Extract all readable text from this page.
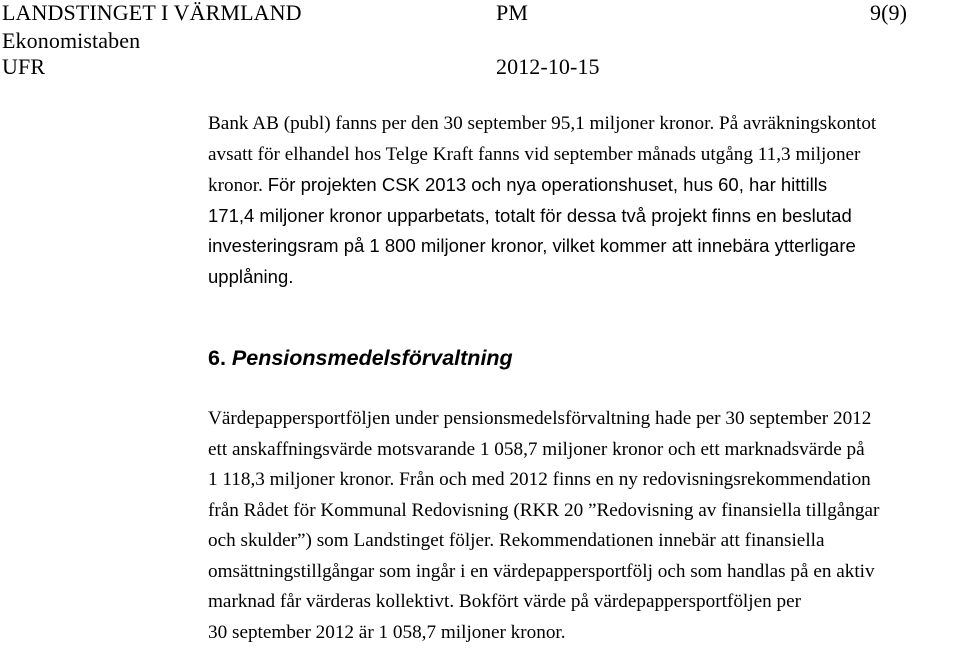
LANDSTINGET I VÄRMLAND	PM	9(9)
Ekonomistaben
UFR	2012-10-15
Bank AB (publ) fanns per den 30 september 95,1 miljoner kronor. På avräkningskontot
avsatt för elhandel hos Telge Kraft fanns vid september månads utgång 11,3 miljoner
kronor. För projekten CSK 2013 och nya operationshuset, hus 60, har hittills
171,4 miljoner kronor upparbetats, totalt för dessa två projekt finns en beslutad
investeringsram på 1 800 miljoner kronor, vilket kommer att innebära ytterligare
upplåning.
6. Pensionsmedelsförvaltning
Värdepappersportföljen under pensionsmedelsförvaltning hade per 30 september 2012
ett anskaffningsvärde motsvarande 1 058,7 miljoner kronor och ett marknadsvärde på
1 118,3 miljoner kronor. Från och med 2012 finns en ny redovisningsrekommendation
från Rådet för Kommunal Redovisning (RKR 20 ”Redovisning av finansiella tillgångar
och skulder”) som Landstinget följer. Rekommendationen innebär att finansiella
omsättningstillgångar som ingår i en värdepappersportfölj och som handlas på en aktiv
marknad får värderas kollektivt. Bokfört värde på värdepappersportföljen per
30 september 2012 är 1 058,7 miljoner kronor.
